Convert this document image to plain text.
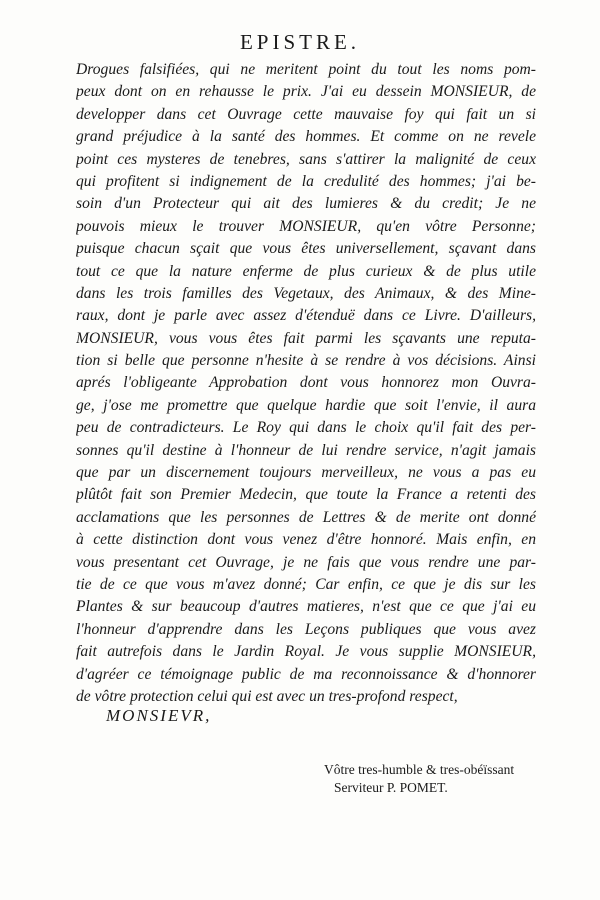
EPISTRE.
Drogues falsifiées, qui ne meritent point du tout les noms pom-
peux dont on en rehausse le prix. J'ai eu dessein MONSIEUR, de
developper dans cet Ouvrage cette mauvaise foy qui fait un si
grand préjudice à la santé des hommes. Et comme on ne revele
point ces mysteres de tenebres, sans s'attirer la malignité de ceux
qui profitent si indignement de la credulité des hommes; j'ai be-
soin d'un Protecteur qui ait des lumieres & du credit; Je ne
pouvois mieux le trouver MONSIEUR, qu'en vôtre Personne;
puisque chacun sçait que vous êtes universellement, sçavant dans
tout ce que la nature enferme de plus curieux & de plus utile
dans les trois familles des Vegetaux, des Animaux, & des Mine-
raux, dont je parle avec assez d'étenduë dans ce Livre. D'ailleurs,
MONSIEUR, vous vous êtes fait parmi les sçavants une reputa-
tion si belle que personne n'hesite à se rendre à vos décisions. Ainsi
aprés l'obligeante Approbation dont vous honnorez mon Ouvra-
ge, j'ose me promettre que quelque hardie que soit l'envie, il aura
peu de contradicteurs. Le Roy qui dans le choix qu'il fait des per-
sonnes qu'il destine à l'honneur de lui rendre service, n'agit jamais
que par un discernement toujours merveilleux, ne vous a pas eu
plûtôt fait son Premier Medecin, que toute la France a retenti des
acclamations que les personnes de Lettres & de merite ont donné
à cette distinction dont vous venez d'être honnoré. Mais enfin, en
vous presentant cet Ouvrage, je ne fais que vous rendre une par-
tie de ce que vous m'avez donné; Car enfin, ce que je dis sur les
Plantes & sur beaucoup d'autres matieres, n'est que ce que j'ai eu
l'honneur d'apprendre dans les Leçons publiques que vous avez
fait autrefois dans le Jardin Royal. Je vous supplie MONSIEUR,
d'agréer ce témoignage public de ma reconnoissance & d'honnorer
de vôtre protection celui qui est avec un tres-profond respect,
MONSIEVR,
Vôtre tres-humble & tres-obéïssant
Serviteur P. POMET.
